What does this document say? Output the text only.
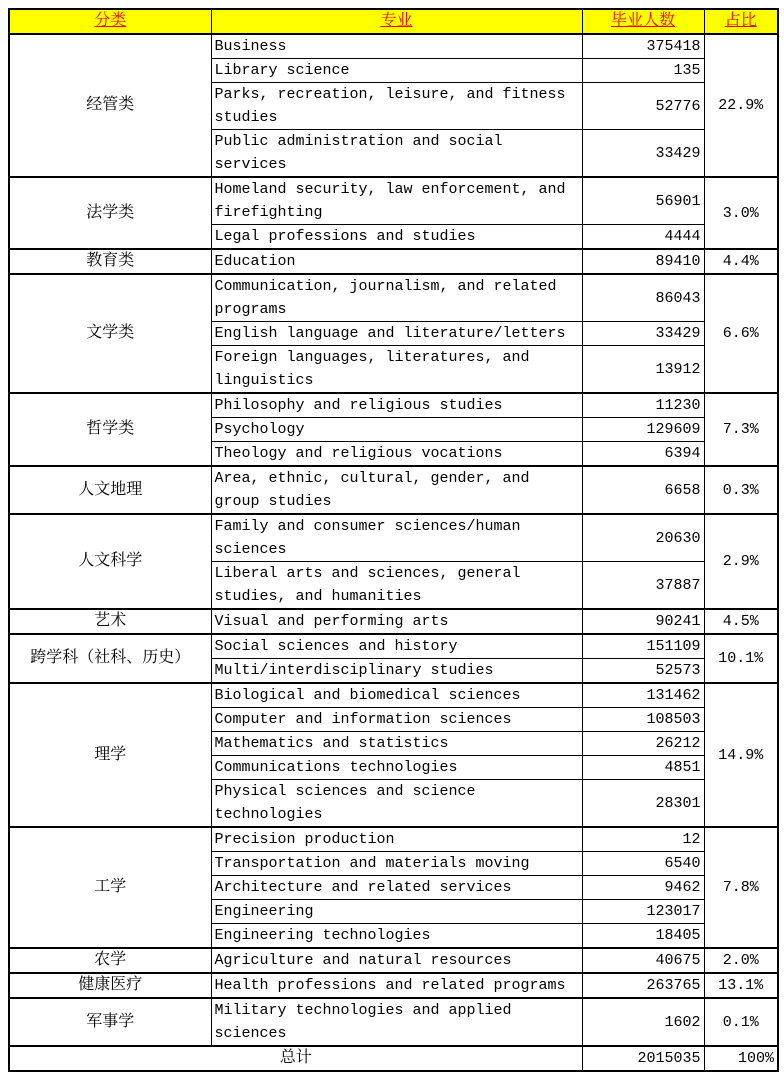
分类	专业	毕业人数	占比
经管类	Business	375418	22.9%
	Library science	135	
	Parks, recreation, leisure, and fitness studies	52776	
	Public administration and social services	33429	
法学类	Homeland security, law enforcement, and firefighting	56901	3.0%
	Legal professions and studies	4444	
教育类	Education	89410	4.4%
文学类	Communication, journalism, and related programs	86043	6.6%
	English language and literature/letters	33429	
	Foreign languages, literatures, and linguistics	13912	
哲学类	Philosophy and religious studies	11230	7.3%
	Psychology	129609	
	Theology and religious vocations	6394	
人文地理	Area, ethnic, cultural, gender, and group studies	6658	0.3%
人文科学	Family and consumer sciences/human sciences	20630	2.9%
	Liberal arts and sciences, general studies, and humanities	37887	
艺术	Visual and performing arts	90241	4.5%
跨学科（社科、历史）	Social sciences and history	151109	10.1%
	Multi/interdisciplinary studies	52573	
理学	Biological and biomedical sciences	131462	14.9%
	Computer and information sciences	108503	
	Mathematics and statistics	26212	
	Communications technologies	4851	
	Physical sciences and science technologies	28301	
工学	Precision production	12	7.8%
	Transportation and materials moving	6540	
	Architecture and related services	9462	
	Engineering	123017	
	Engineering technologies	18405	
农学	Agriculture and natural resources	40675	2.0%
健康医疗	Health professions and related programs	263765	13.1%
军事学	Military technologies and applied sciences	1602	0.1%
总计		2015035	100%
